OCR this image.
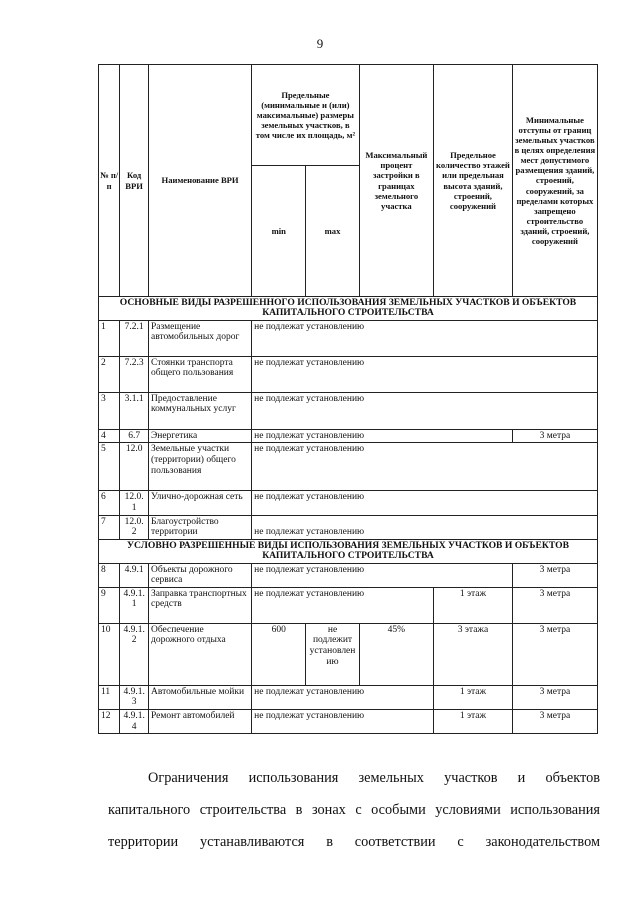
9
№ п/п	Код ВРИ	Наименование ВРИ	Предельные (минимальные и (или) максимальные) размеры земельных участков, в том числе их площадь, м²		Максимальный процент застройки в границах земельного участка	Предельное количество этажей или предельная высота зданий, строений, сооружений	Минимальные отступы от границ земельных участков в целях определения мест допустимого размещения зданий, строений, сооружений, за пределами которых запрещено строительство зданий, строений, сооружений
			min	max			
ОСНОВНЫЕ ВИДЫ РАЗРЕШЕННОГО ИСПОЛЬЗОВАНИЯ ЗЕМЕЛЬНЫХ УЧАСТКОВ И ОБЪЕКТОВ КАПИТАЛЬНОГО СТРОИТЕЛЬСТВА							
1	7.2.1	Размещение автомобильных дорог	не подлежат установлению				
2	7.2.3	Стоянки транспорта общего пользования	не подлежат установлению				
3	3.1.1	Предоставление коммунальных услуг	не подлежат установлению				
4	6.7	Энергетика	не подлежат установлению				3 метра
5	12.0	Земельные участки (территории) общего пользования	не подлежат установлению				
6	12.0.1	Улично-дорожная сеть	не подлежат установлению				
7	12.0.2	Благоустройство территории	не подлежат установлению				
УСЛОВНО РАЗРЕШЕННЫЕ ВИДЫ ИСПОЛЬЗОВАНИЯ ЗЕМЕЛЬНЫХ УЧАСТКОВ И ОБЪЕКТОВ КАПИТАЛЬНОГО СТРОИТЕЛЬСТВА							
8	4.9.1	Объекты дорожного сервиса	не подлежат установлению				3 метра
9	4.9.1.1	Заправка транспортных средств	не подлежат установлению			1 этаж	3 метра
10	4.9.1.2	Обеспечение дорожного отдыха	600	не подлежит установлению	45%	3 этажа	3 метра
11	4.9.1.3	Автомобильные мойки	не подлежат установлению			1 этаж	3 метра
12	4.9.1.4	Ремонт автомобилей	не подлежат установлению			1 этаж	3 метра
Ограничения использования земельных участков и объектов
капитального строительства в зонах с особыми условиями использования
территории устанавливаются в соответствии с законодательством
